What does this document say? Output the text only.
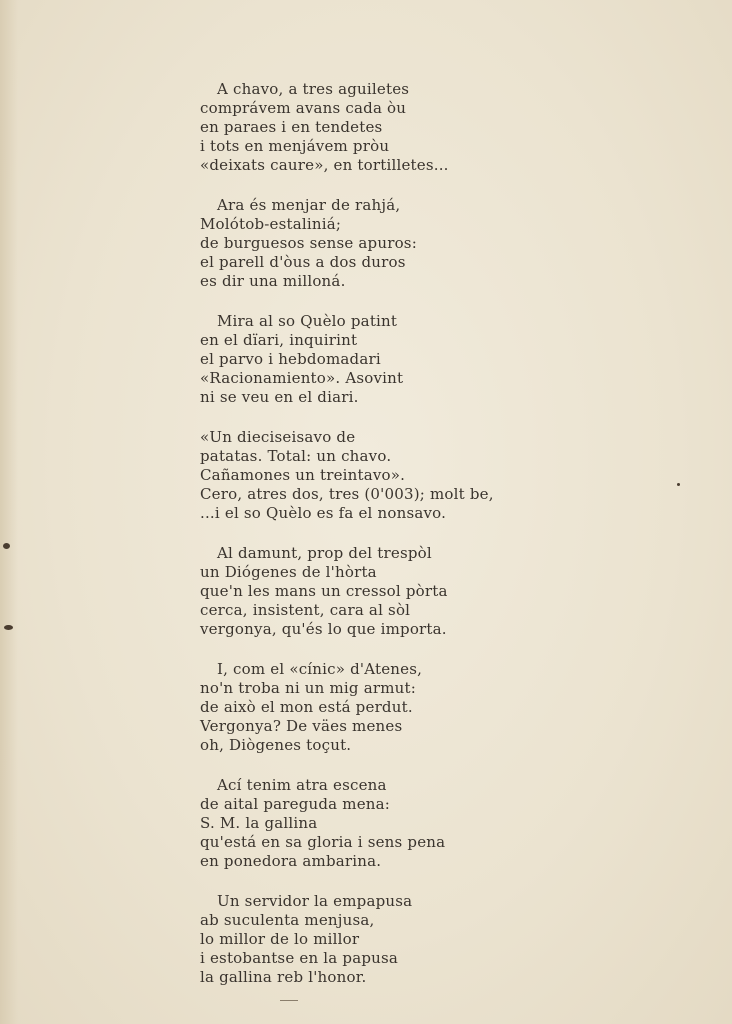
A chavo, a tres aguiletes
comprávem avans cada òu
en paraes i en tendetes
i tots en menjávem pròu
«deixats caure», en tortilletes...
Ara és menjar de rahjá,
Molótob-estaliniá;
de burguesos sense apuros:
el parell d'òus a dos duros
es dir una milloná.
Mira al so Quèlo patint
en el dïari, inquirint
el parvo i hebdomadari
«Racionamiento». Asovint
ni se veu en el diari.
«Un dieciseisavo de
patatas. Total: un chavo.
Cañamones un treintavo».
Cero, atres dos, tres (0'003); molt be,
...i el so Quèlo es fa el nonsavo.
Al damunt, prop del trespòl
un Diógenes de l'hòrta
que'n les mans un cressol pòrta
cerca, insistent, cara al sòl
vergonya, qu'és lo que importa.
I, com el «cínic» d'Atenes,
no'n troba ni un mig armut:
de això el mon está perdut.
Vergonya? De väes menes
oh, Diògenes toçut.
Ací tenim atra escena
de aital pareguda mena:
S. M. la gallina
qu'está en sa gloria i sens pena
en ponedora ambarina.
Un servidor la empapusa
ab suculenta menjusa,
lo millor de lo millor
i estobantse en la papusa
la gallina reb l'honor.
